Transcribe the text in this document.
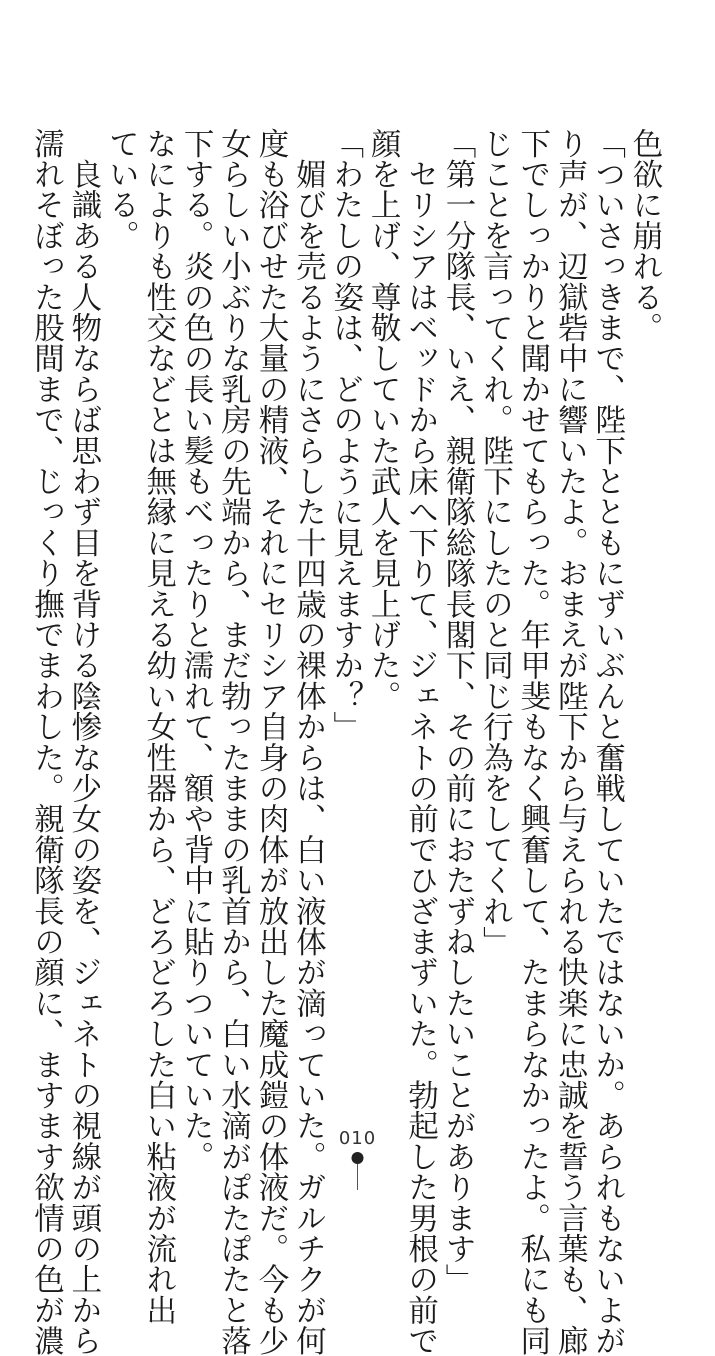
色欲に崩れる。
「ついさっきまで、陛下とともにずいぶんと奮戦していたではないか。あられもないよが
り声が、辺獄砦中に響いたよ。おまえが陛下から与えられる快楽に忠誠を誓う言葉も、廊
下でしっかりと聞かせてもらった。年甲斐もなく興奮して、たまらなかったよ。私にも同
じことを言ってくれ。陛下にしたのと同じ行為をしてくれ」
「第一分隊長、いえ、親衛隊総隊長閣下、その前におたずねしたいことがあります」
　セリシアはベッドから床へ下りて、ジェネトの前でひざまずいた。勃起した男根の前で
顔を上げ、尊敬していた武人を見上げた。
「わたしの姿は、どのように見えますか？」
　媚びを売るようにさらした十四歳の裸体からは、白い液体が滴っていた。ガルチクが何
度も浴びせた大量の精液、それにセリシア自身の肉体が放出した魔成鎧の体液だ。今も少
女らしい小ぶりな乳房の先端から、まだ勃ったままの乳首から、白い水滴がぽたぽたと落
下する。炎の色の長い髪もべったりと濡れて、額や背中に貼りついていた。
なによりも性交などとは無縁に見える幼い女性器から、どろどろした白い粘液が流れ出
ている。
　良識ある人物ならば思わず目を背ける陰惨な少女の姿を、ジェネトの視線が頭の上から
濡れそぼった股間まで、じっくり撫でまわした。親衛隊長の顔に、ますます欲情の色が濃	010
